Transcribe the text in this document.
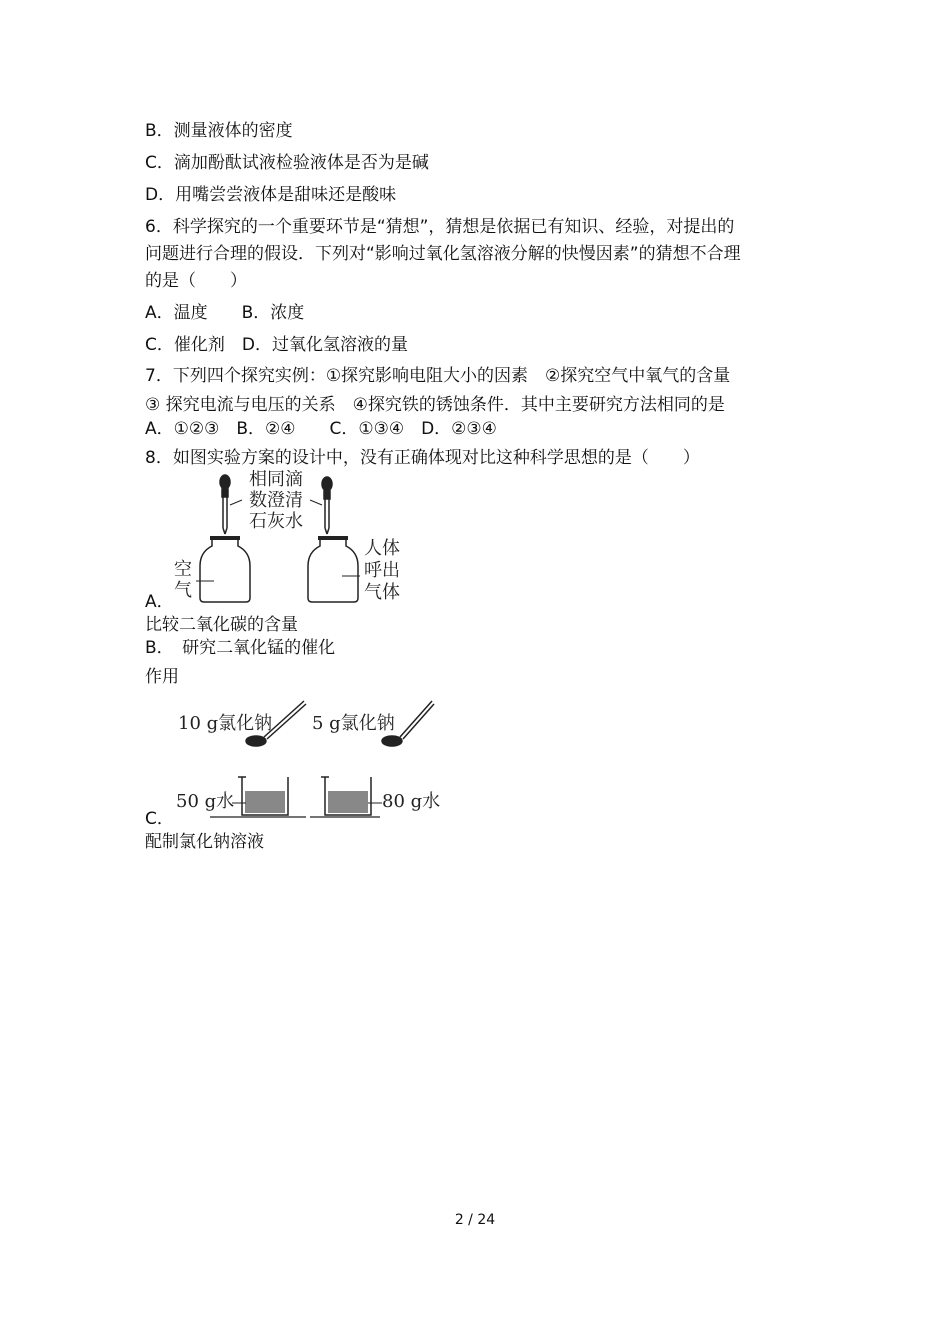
B．测量液体的密度
C．滴加酚酞试液检验液体是否为是碱
D．用嘴尝尝液体是甜味还是酸味
6．科学探究的一个重要环节是“猜想”，猜想是依据已有知识、经验，对提出的
问题进行合理的假设．下列对“影响过氧化氢溶液分解的快慢因素”的猜想不合理
的是（　　）
A．温度　　B．浓度
C．催化剂　D．过氧化氢溶液的量
7．下列四个探究实例：①探究影响电阻大小的因素　②探究空气中氧气的含量
③ 探究电流与电压的关系　④探究铁的锈蚀条件．其中主要研究方法相同的是
A．①②③　B．②④　　C．①③④　D．②③④
8．如图实验方案的设计中，没有正确体现对比这种科学思想的是（　　）
相同滴
数澄清
石灰水
空
气
人体
呼出
气体
A．
比较二氧化碳的含量
B．　研究二氧化锰的催化
作用
10 g氯化钠 5 g氯化钠
50 g水	80 g水
C．
配制氯化钠溶液
2 / 24
